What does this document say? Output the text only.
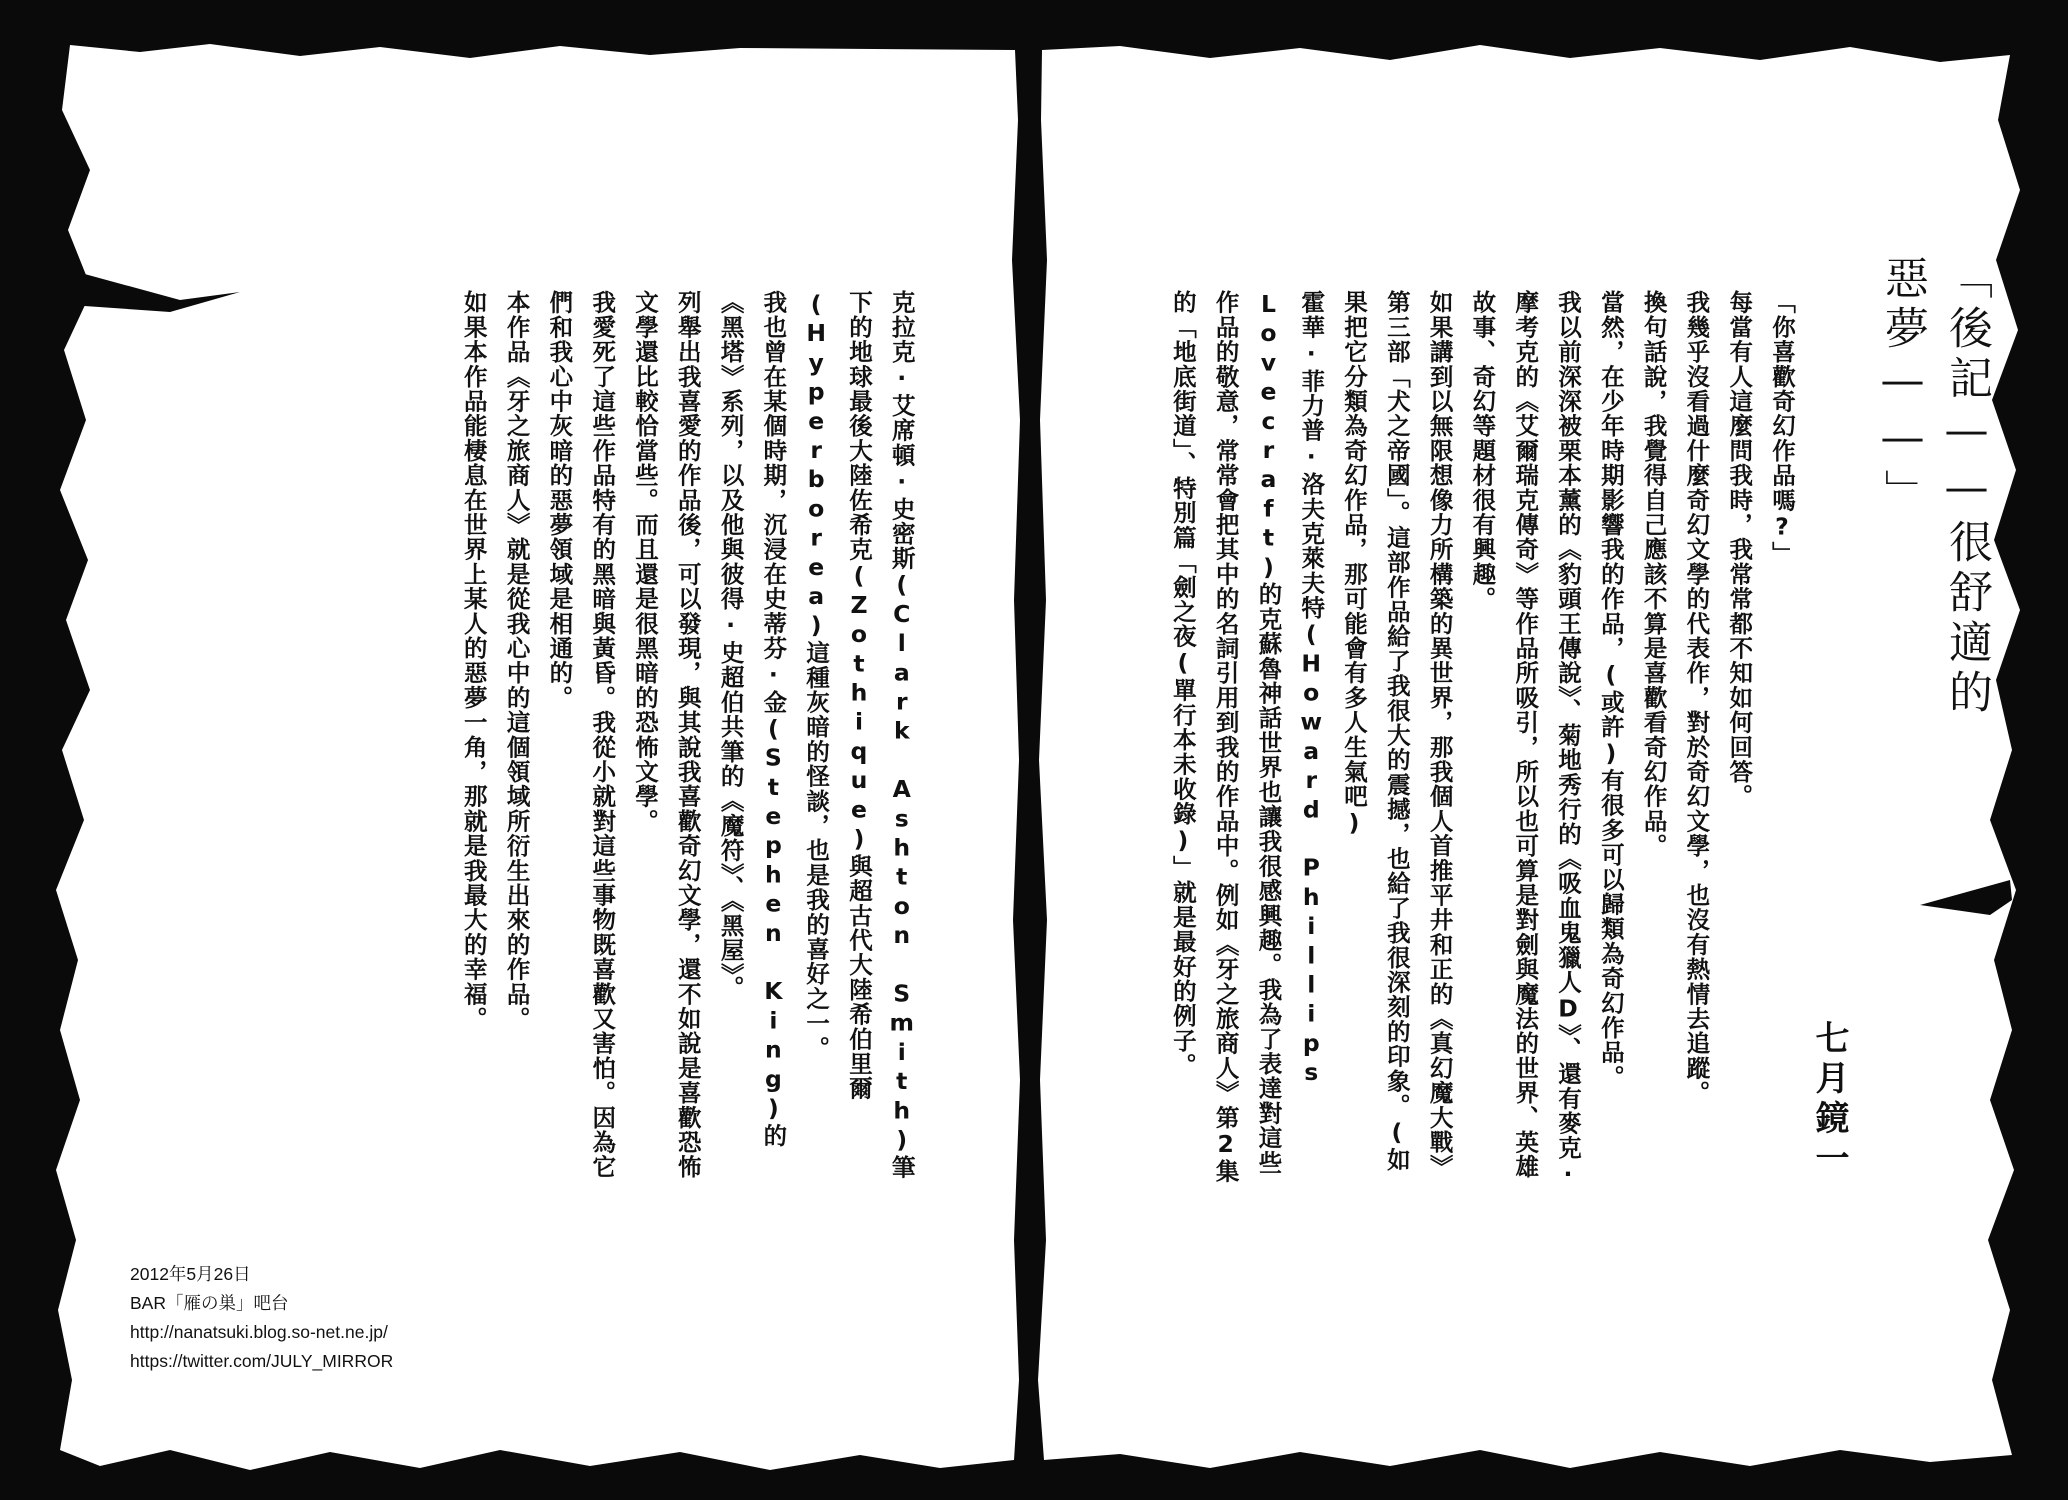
「後記——很舒適的惡夢——」
七月鏡一
「你喜歡奇幻作品嗎?」
每當有人這麼問我時，我常常都不知如何回答。
我幾乎沒看過什麼奇幻文學的代表作，對於奇幻文學，也沒有熱情去追蹤。
換句話說，我覺得自己應該不算是喜歡看奇幻作品。
當然，在少年時期影響我的作品，(或許)有很多可以歸類為奇幻作品。
我以前深深被栗本薰的《豹頭王傳說》、菊地秀行的《吸血鬼獵人D》、還有麥克·摩考克的《艾爾瑞克傳奇》等作品所吸引，所以也可算是對劍與魔法的世界、英雄故事、奇幻等題材很有興趣。
如果講到以無限想像力所構築的異世界，那我個人首推平井和正的《真幻魔大戰》第三部「犬之帝國」。這部作品給了我很大的震撼，也給了我很深刻的印象。(如果把它分類為奇幻作品，那可能會有多人生氣吧)
霍華·菲力普·洛夫克萊夫特(Howard Phillips Lovecraft)的克蘇魯神話世界也讓我很感興趣。我為了表達對這些作品的敬意，常常會把其中的名詞引用到我的作品中。例如《牙之旅商人》第2集的「地底街道」、特別篇「劍之夜(單行本未收錄)」就是最好的例子。
克拉克·艾席頓·史密斯(Clark Ashton Smith)筆下的地球最後大陸佐希克(Zothique)與超古代大陸希伯里爾(Hyperborea)這種灰暗的怪談，也是我的喜好之一。
我也曾在某個時期，沉浸在史蒂芬·金(Stephen King)的《黑塔》系列，以及他與彼得·史超伯共筆的《魔符》、《黑屋》。
列舉出我喜愛的作品後，可以發現，與其說我喜歡奇幻文學，還不如說是喜歡恐怖文學還比較恰當些。而且還是很黑暗的恐怖文學。
我愛死了這些作品特有的黑暗與黃昏。我從小就對這些事物既喜歡又害怕。因為它們和我心中灰暗的惡夢領域是相通的。
本作品《牙之旅商人》就是從我心中的這個領域所衍生出來的作品。
如果本作品能棲息在世界上某人的惡夢一角，那就是我最大的幸福。
2012年5月26日
BAR「雁の巣」吧台
http://nanatsuki.blog.so-net.ne.jp/
https://twitter.com/JULY_MIRROR
